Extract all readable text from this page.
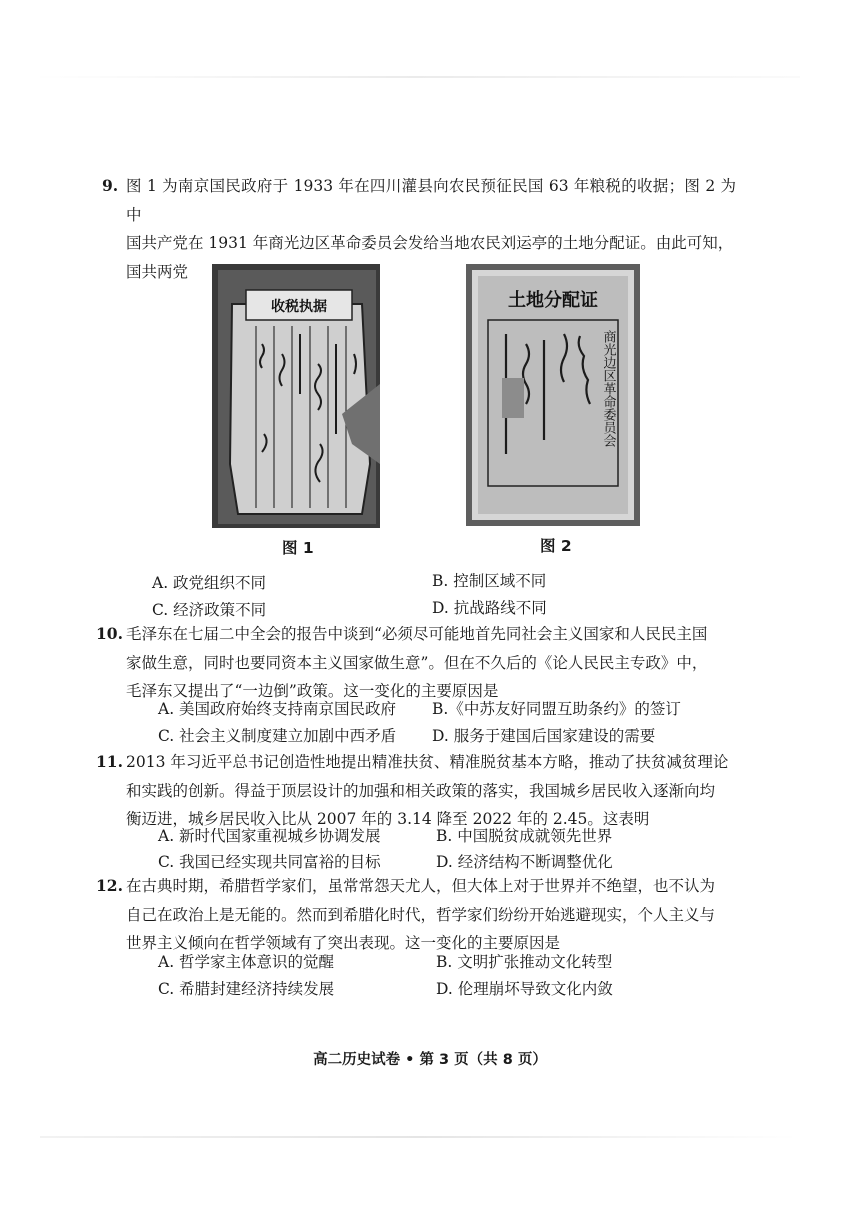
9. 图 1 为南京国民政府于 1933 年在四川灌县向农民预征民国 63 年粮税的收据；图 2 为中
国共产党在 1931 年商光边区革命委员会发给当地农民刘运亭的土地分配证。由此可知，
国共两党
收税执据
图 1
土地分配证
商光边区革命委员会
图 2
A. 政党组织不同	B. 控制区域不同
C. 经济政策不同	D. 抗战路线不同
10. 毛泽东在七届二中全会的报告中谈到“必须尽可能地首先同社会主义国家和人民民主国
家做生意，同时也要同资本主义国家做生意”。但在不久后的《论人民民主专政》中，
毛泽东又提出了“一边倒”政策。这一变化的主要原因是
A. 美国政府始终支持南京国民政府 B.《中苏友好同盟互助条约》的签订
C. 社会主义制度建立加剧中西矛盾 D. 服务于建国后国家建设的需要
11. 2013 年习近平总书记创造性地提出精准扶贫、精准脱贫基本方略，推动了扶贫减贫理论
和实践的创新。得益于顶层设计的加强和相关政策的落实，我国城乡居民收入逐渐向均
衡迈进，城乡居民收入比从 2007 年的 3.14 降至 2022 年的 2.45。这表明
A. 新时代国家重视城乡协调发展	B. 中国脱贫成就领先世界
C. 我国已经实现共同富裕的目标	D. 经济结构不断调整优化
12. 在古典时期，希腊哲学家们，虽常常怨天尤人，但大体上对于世界并不绝望，也不认为
自己在政治上是无能的。然而到希腊化时代，哲学家们纷纷开始逃避现实，个人主义与
世界主义倾向在哲学领域有了突出表现。这一变化的主要原因是
A. 哲学家主体意识的觉醒	B. 文明扩张推动文化转型
C. 希腊封建经济持续发展	D. 伦理崩坏导致文化内敛
高二历史试卷 • 第 3 页（共 8 页）
